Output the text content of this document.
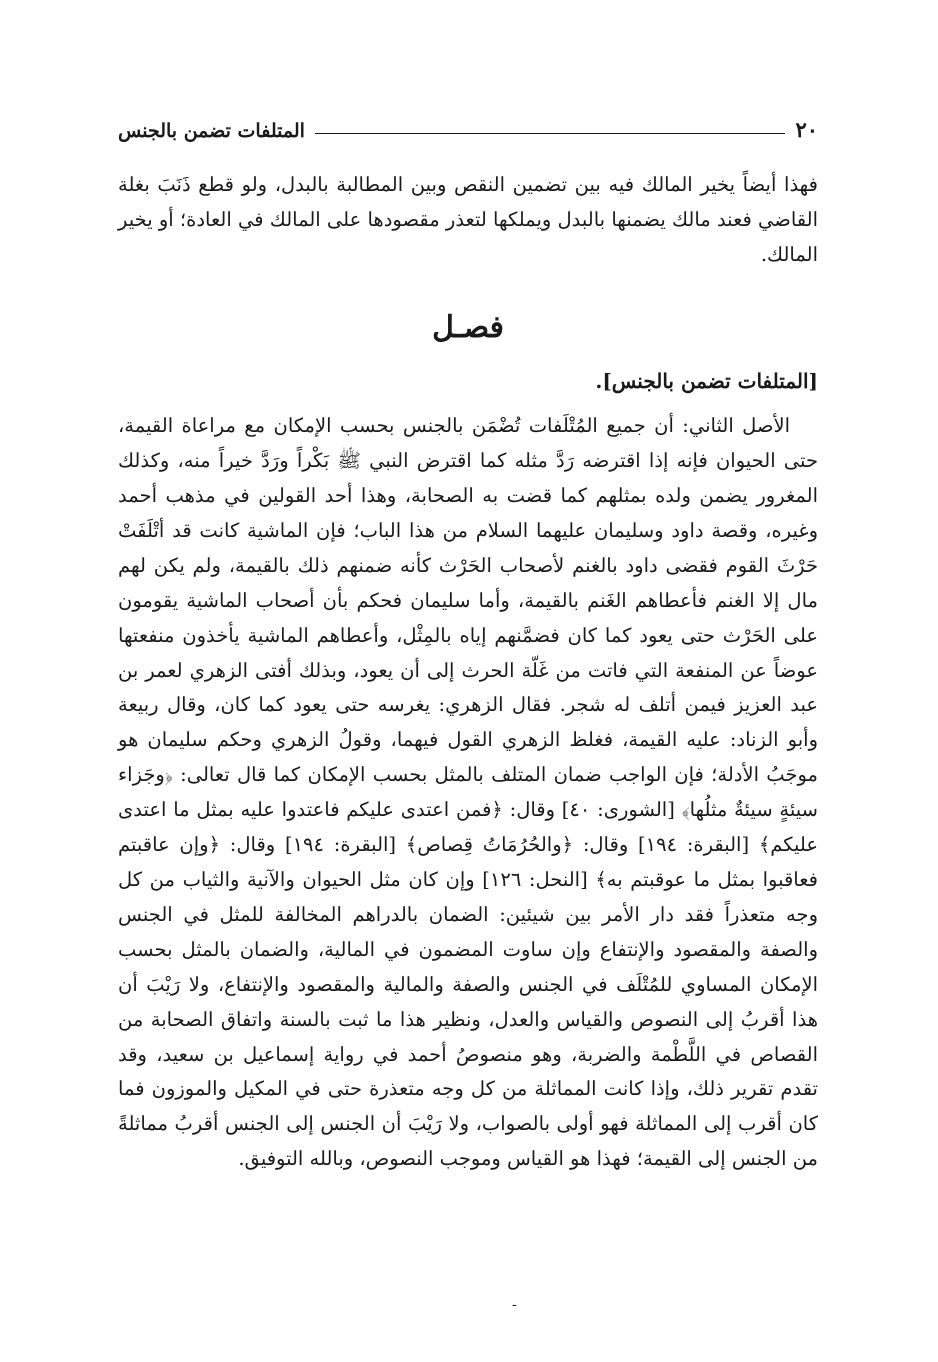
المتلفات تضمن بالجنس	٢٠

فهذا أيضاً يخير المالك فيه بين تضمين النقص وبين المطالبة بالبدل، ولو قطع ذَنَبَ بغلة القاضي فعند مالك يضمنها بالبدل ويملكها لتعذر مقصودها على المالك في العادة؛ أو يخير المالك.

فصـل
[المتلفات تضمن بالجنس].

الأصل الثاني: أن جميع المُتْلَفات تُضْمَن بالجنس بحسب الإمكان مع مراعاة القيمة، حتى الحيوان فإنه إذا اقترضه رَدَّ مثله كما اقترض النبي ﷺ بَكْراً ورَدَّ خيراً منه، وكذلك المغرور يضمن ولده بمثلهم كما قضت به الصحابة، وهذا أحد القولين في مذهب أحمد وغيره، وقصة داود وسليمان عليهما السلام من هذا الباب؛ فإن الماشية كانت قد أتْلَفَتْ حَرْثَ القوم فقضى داود بالغنم لأصحاب الحَرْث كأنه ضمنهم ذلك بالقيمة، ولم يكن لهم مال إلا الغنم فأعطاهم الغَنم بالقيمة، وأما سليمان فحكم بأن أصحاب الماشية يقومون على الحَرْث حتى يعود كما كان فضمَّنهم إياه بالمِثْل، وأعطاهم الماشية يأخذون منفعتها عوضاً عن المنفعة التي فاتت من غَلّة الحرث إلى أن يعود، وبذلك أفتى الزهري لعمر بن عبد العزيز فيمن أتلف له شجر. فقال الزهري: يغرسه حتى يعود كما كان، وقال ربيعة وأبو الزناد: عليه القيمة، فغلظ الزهري القول فيهما، وقولُ الزهري وحكم سليمان هو موجَبُ الأدلة؛ فإن الواجب ضمان المتلف بالمثل بحسب الإمكان كما قال تعالى: ﴿وجَزاء سيئةٍ سيئةٌ مثلُها﴾ [الشورى: ٤٠] وقال: ﴿فمن اعتدى عليكم فاعتدوا عليه بمثل ما اعتدى عليكم﴾ [البقرة: ١٩٤] وقال: ﴿والحُرُمَاتُ قِصاص﴾ [البقرة: ١٩٤] وقال: ﴿وإن عاقبتم فعاقبوا بمثل ما عوقبتم به﴾ [النحل: ١٢٦] وإن كان مثل الحيوان والآنية والثياب من كل وجه متعذراً فقد دار الأمر بين شيئين: الضمان بالدراهم المخالفة للمثل في الجنس والصفة والمقصود والإنتفاع وإن ساوت المضمون في المالية، والضمان بالمثل بحسب الإمكان المساوي للمُتْلَف في الجنس والصفة والمالية والمقصود والإنتفاع، ولا رَيْبَ أن هذا أقربُ إلى النصوص والقياس والعدل، ونظير هذا ما ثبت بالسنة واتفاق الصحابة من القصاص في اللَّطْمة والضربة، وهو منصوصُ أحمد في رواية إسماعيل بن سعيد، وقد تقدم تقرير ذلك، وإذا كانت المماثلة من كل وجه متعذرة حتى في المكيل والموزون فما كان أقرب إلى المماثلة فهو أولى بالصواب، ولا رَيْبَ أن الجنس إلى الجنس أقربُ مماثلةً من الجنس إلى القيمة؛ فهذا هو القياس وموجب النصوص، وبالله التوفيق.

-
